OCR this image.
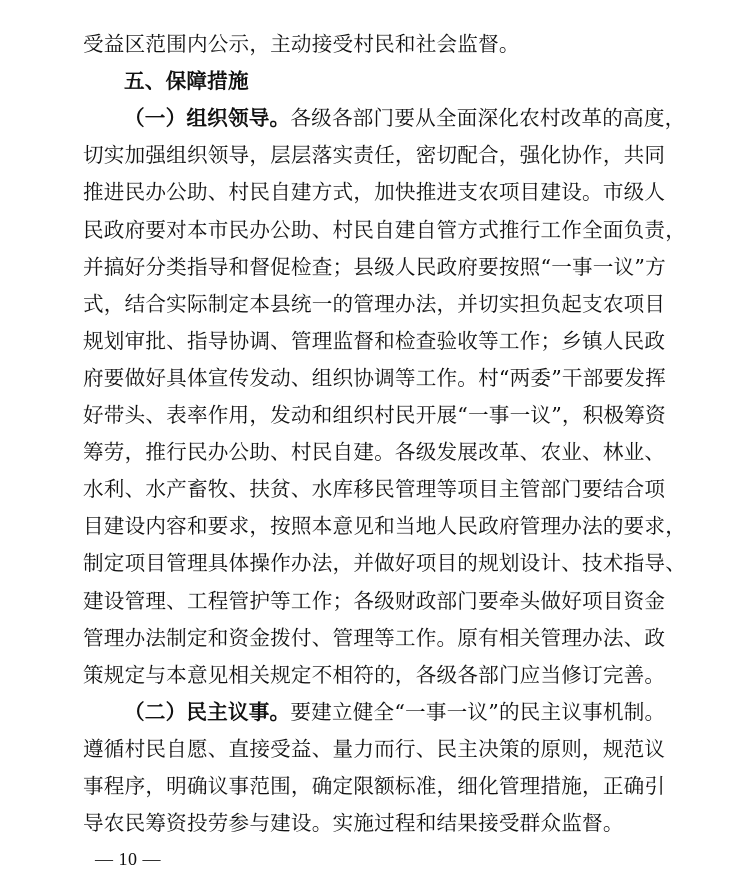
受益区范围内公示，主动接受村民和社会监督。
五、保障措施
（一）组织领导。各级各部门要从全面深化农村改革的高度，
切实加强组织领导，层层落实责任，密切配合，强化协作，共同
推进民办公助、村民自建方式，加快推进支农项目建设。市级人
民政府要对本市民办公助、村民自建自管方式推行工作全面负责，
并搞好分类指导和督促检查；县级人民政府要按照“一事一议”方
式，结合实际制定本县统一的管理办法，并切实担负起支农项目
规划审批、指导协调、管理监督和检查验收等工作；乡镇人民政
府要做好具体宣传发动、组织协调等工作。村“两委”干部要发挥
好带头、表率作用，发动和组织村民开展“一事一议”，积极筹资
筹劳，推行民办公助、村民自建。各级发展改革、农业、林业、
水利、水产畜牧、扶贫、水库移民管理等项目主管部门要结合项
目建设内容和要求，按照本意见和当地人民政府管理办法的要求，
制定项目管理具体操作办法，并做好项目的规划设计、技术指导、
建设管理、工程管护等工作；各级财政部门要牵头做好项目资金
管理办法制定和资金拨付、管理等工作。原有相关管理办法、政
策规定与本意见相关规定不相符的，各级各部门应当修订完善。
（二）民主议事。要建立健全“一事一议”的民主议事机制。
遵循村民自愿、直接受益、量力而行、民主决策的原则，规范议
事程序，明确议事范围，确定限额标准，细化管理措施，正确引
导农民筹资投劳参与建设。实施过程和结果接受群众监督。
— 10 —
